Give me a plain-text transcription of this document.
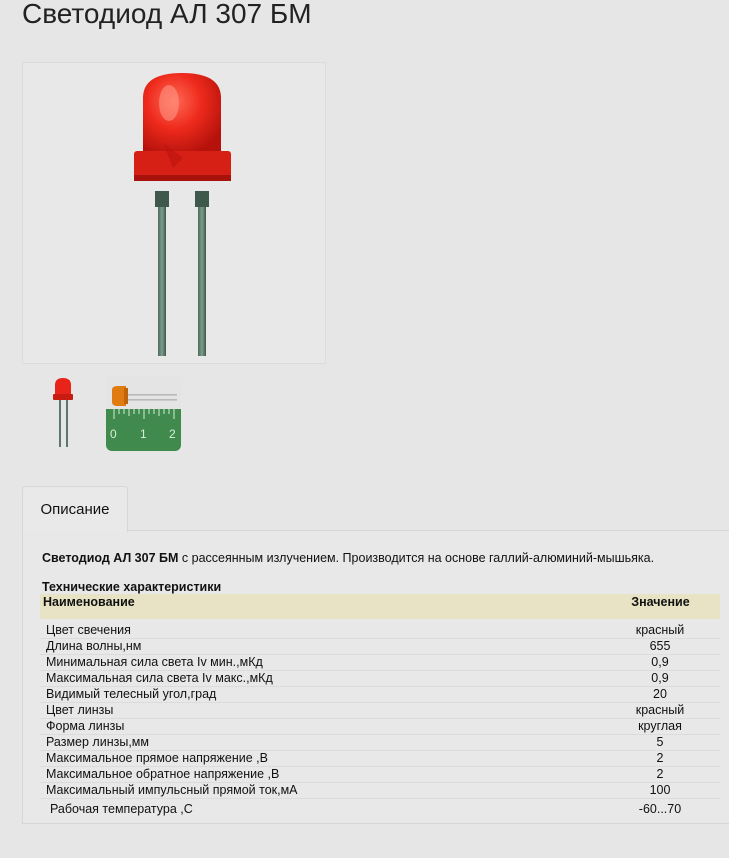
Светодиод АЛ 307 БМ
0 1 2
Описание

Светодиод АЛ 307 БМ с рассеянным излучением. Производится на основе галлий-алюминий-мышьяка.

Технические характеристики
Наименование	Значение

Цвет свечения	красный
Длина волны,нм	655
Минимальная сила света Iv мин.,мКд	0,9
Максимальная сила света Iv макс.,мКд	0,9
Видимый телесный угол,град	20
Цвет линзы	красный
Форма линзы	круглая
Размер линзы,мм	5
Максимальное прямое напряжение ,В	2
Максимальное обратное напряжение ,В	2
Максимальный импульсный прямой ток,мА	100
Рабочая температура ,С	-60...70
